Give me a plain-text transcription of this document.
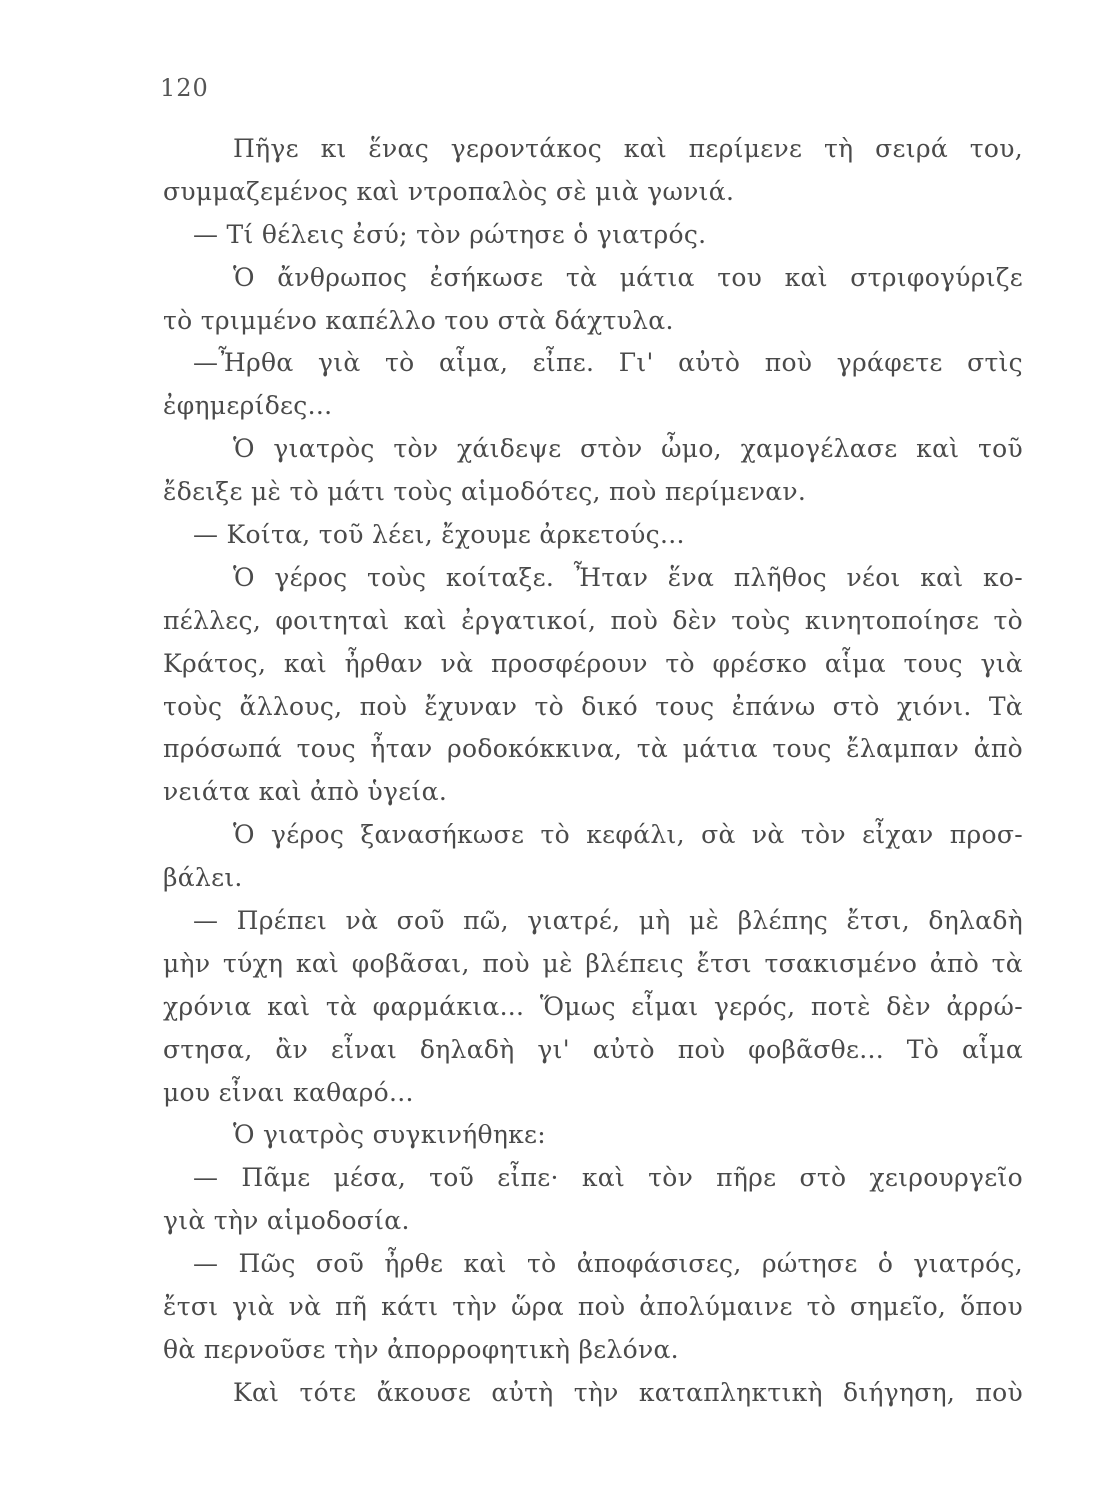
120
Πῆγε κι ἕνας γεροντάκος καὶ περίμενε τὴ σειρά του,
συμμαζεμένος καὶ ντροπαλὸς σὲ μιὰ γωνιά.
— Τί θέλεις ἐσύ; τὸν ρώτησε ὁ γιατρός.
Ὁ ἄνθρωπος ἐσήκωσε τὰ μάτια του καὶ στριφογύριζε
τὸ τριμμένο καπέλλο του στὰ δάχτυλα.
—Ἦρθα γιὰ τὸ αἷμα, εἶπε. Γι' αὐτὸ ποὺ γράφετε στὶς
ἐφημερίδες...
Ὁ γιατρὸς τὸν χάιδεψε στὸν ὦμο, χαμογέλασε καὶ τοῦ
ἔδειξε μὲ τὸ μάτι τοὺς αἱμοδότες, ποὺ περίμεναν.
— Κοίτα, τοῦ λέει, ἔχουμε ἀρκετούς...
Ὁ γέρος τοὺς κοίταξε. Ἦταν ἕνα πλῆθος νέοι καὶ κο-
πέλλες, φοιτηταὶ καὶ ἐργατικοί, ποὺ δὲν τοὺς κινητοποίησε τὸ
Κράτος, καὶ ἦρθαν νὰ προσφέρουν τὸ φρέσκο αἷμα τους γιὰ
τοὺς ἄλλους, ποὺ ἔχυναν τὸ δικό τους ἐπάνω στὸ χιόνι. Τὰ
πρόσωπά τους ἦταν ροδοκόκκινα, τὰ μάτια τους ἔλαμπαν ἀπὸ
νειάτα καὶ ἀπὸ ὑγεία.
Ὁ γέρος ξανασήκωσε τὸ κεφάλι, σὰ νὰ τὸν εἶχαν προσ-
βάλει.
— Πρέπει νὰ σοῦ πῶ, γιατρέ, μὴ μὲ βλέπης ἔτσι, δηλαδὴ
μὴν τύχη καὶ φοβᾶσαι, ποὺ μὲ βλέπεις ἔτσι τσακισμένο ἀπὸ τὰ
χρόνια καὶ τὰ φαρμάκια... Ὅμως εἶμαι γερός, ποτὲ δὲν ἀρρώ-
στησα, ἂν εἶναι δηλαδὴ γι' αὐτὸ ποὺ φοβᾶσθε... Τὸ αἷμα
μου εἶναι καθαρό...
Ὁ γιατρὸς συγκινήθηκε:
— Πᾶμε μέσα, τοῦ εἶπε· καὶ τὸν πῆρε στὸ χειρουργεῖο
γιὰ τὴν αἱμοδοσία.
— Πῶς σοῦ ἦρθε καὶ τὸ ἀποφάσισες, ρώτησε ὁ γιατρός,
ἔτσι γιὰ νὰ πῆ κάτι τὴν ὥρα ποὺ ἀπολύμαινε τὸ σημεῖο, ὅπου
θὰ περνοῦσε τὴν ἀπορροφητικὴ βελόνα.
Καὶ τότε ἄκουσε αὐτὴ τὴν καταπληκτικὴ διήγηση, ποὺ
